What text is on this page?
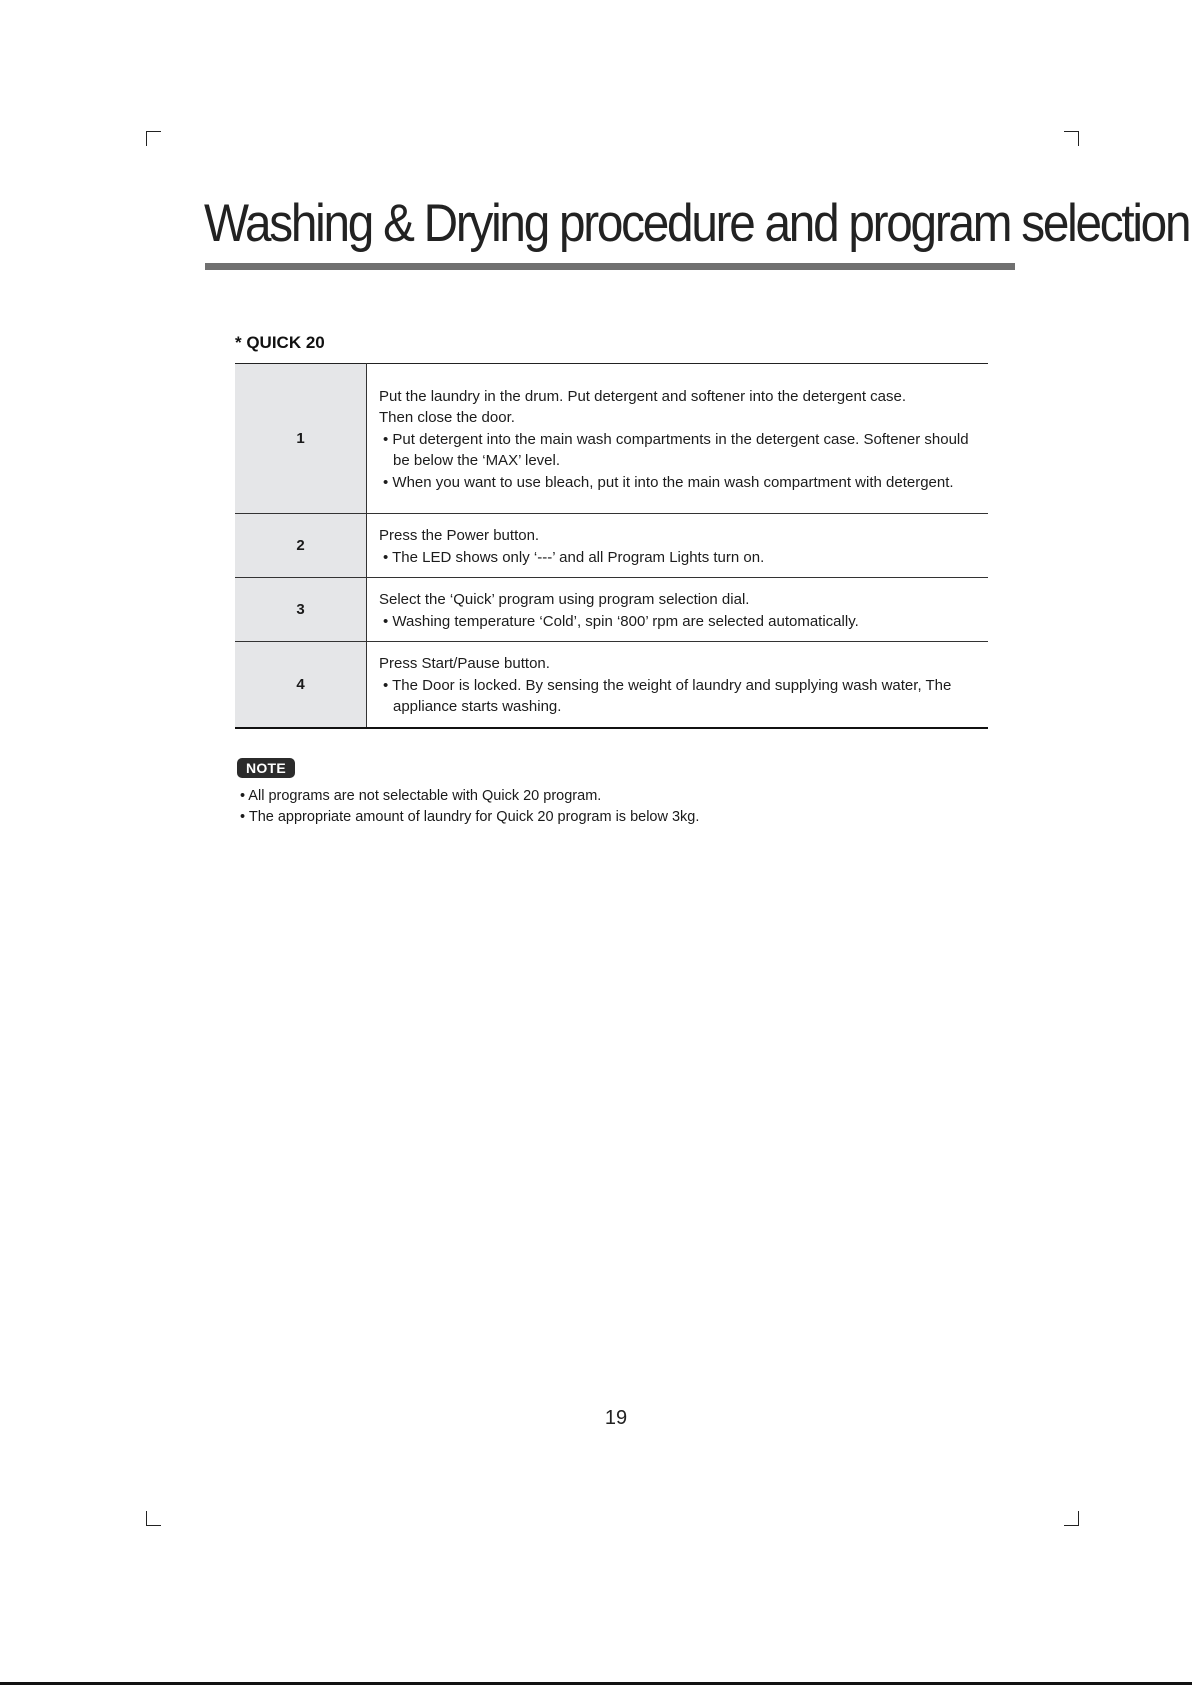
Washing & Drying procedure and program selection
* QUICK 20
1	Put the laundry in the drum. Put detergent and softener into the detergent case.
Then close the door.
• Put detergent into the main wash compartments in the detergent case. Softener should be below the ‘MAX’ level.
• When you want to use bleach, put it into the main wash compartment with detergent.

2	Press the Power button.
• The LED shows only ‘---’ and all Program Lights turn on.

3	Select the ‘Quick’ program using program selection dial.
• Washing temperature ‘Cold’, spin ‘800’ rpm are selected automatically.

4	Press Start/Pause button.
• The Door is locked. By sensing the weight of laundry and supplying wash water, The appliance starts washing.
NOTE
• All programs are not selectable with Quick 20 program.
• The appropriate amount of laundry for Quick 20 program is below 3kg.
19
